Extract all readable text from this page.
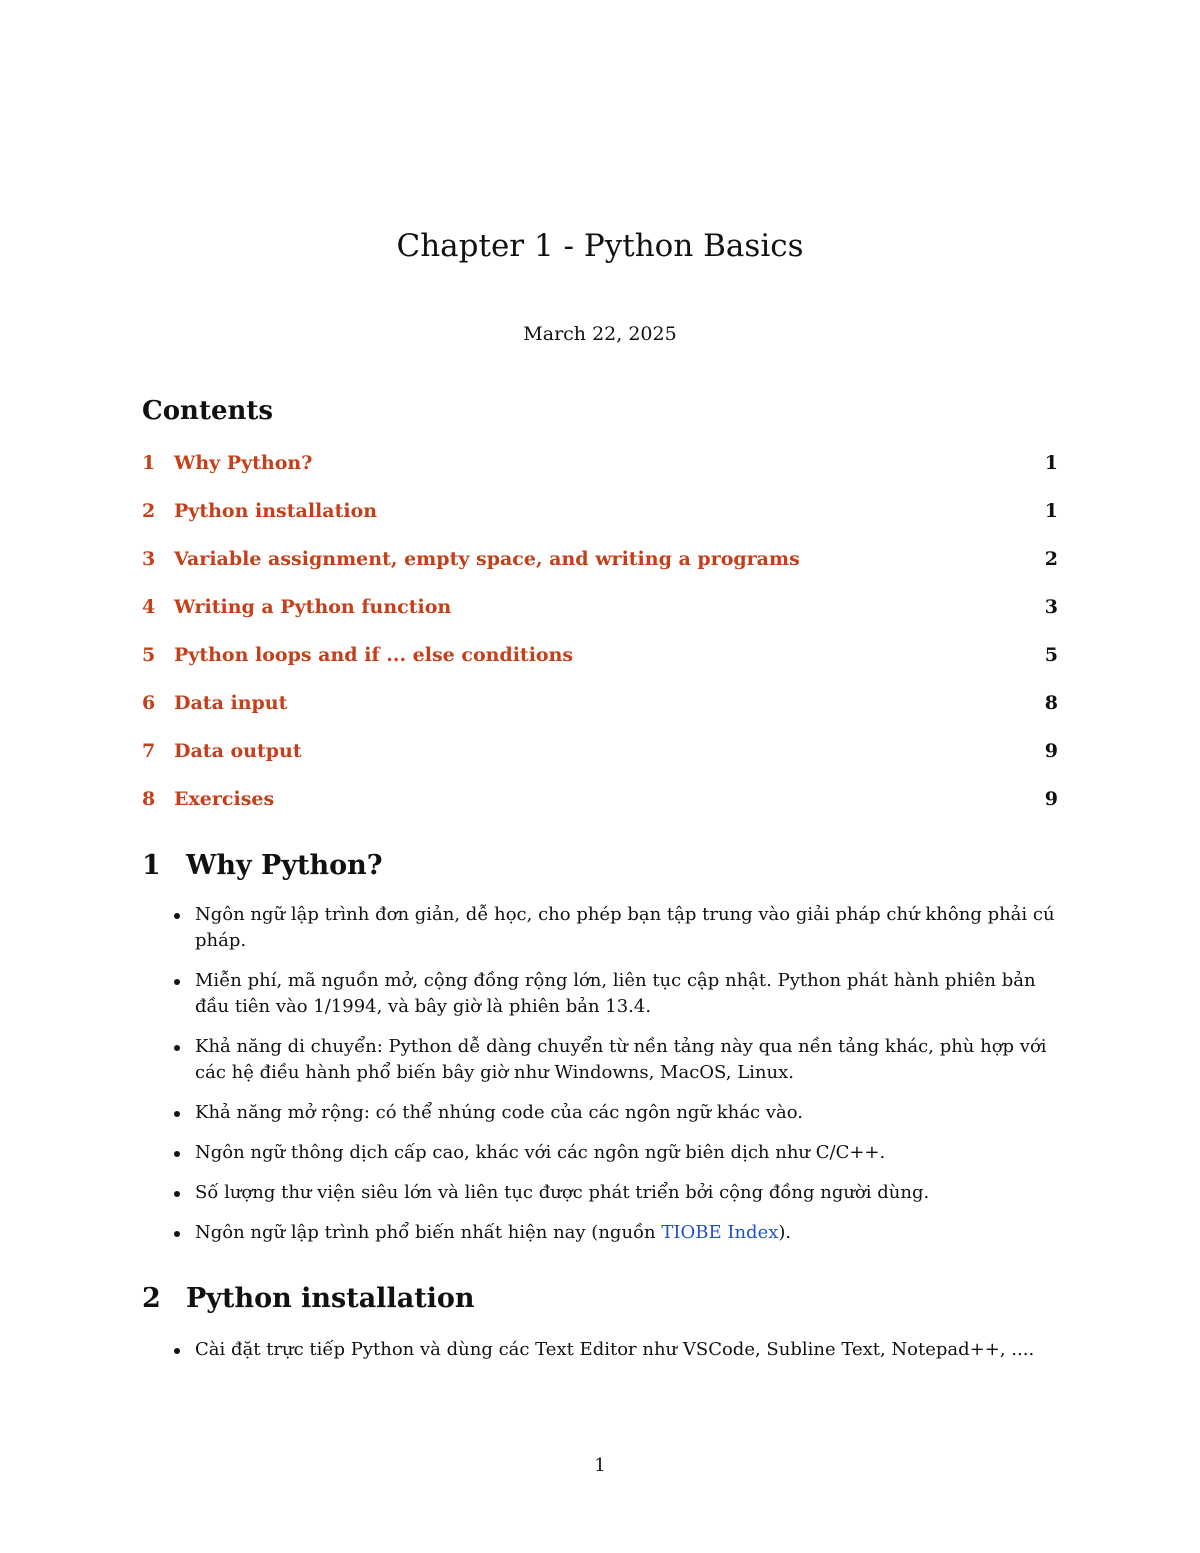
Chapter 1 - Python Basics
March 22, 2025
Contents
1 Why Python?	1
2 Python installation	1
3 Variable assignment, empty space, and writing a programs	2
4 Writing a Python function	3
5 Python loops and if ... else conditions	5
6 Data input	8
7 Data output	9
8 Exercises	9
1 Why Python?
Ngôn ngữ lập trình đơn giản, dễ học, cho phép bạn tập trung vào giải pháp chứ không phải cú pháp.
Miễn phí, mã nguồn mở, cộng đồng rộng lớn, liên tục cập nhật. Python phát hành phiên bản đầu tiên vào 1/1994, và bây giờ là phiên bản 13.4.
Khả năng di chuyển: Python dễ dàng chuyển từ nền tảng này qua nền tảng khác, phù hợp với các hệ điều hành phổ biến bây giờ như Windowns, MacOS, Linux.
Khả năng mở rộng: có thể nhúng code của các ngôn ngữ khác vào.
Ngôn ngữ thông dịch cấp cao, khác với các ngôn ngữ biên dịch như C/C++.
Số lượng thư viện siêu lớn và liên tục được phát triển bởi cộng đồng người dùng.
Ngôn ngữ lập trình phổ biến nhất hiện nay (nguồn TIOBE Index).
2 Python installation
Cài đặt trực tiếp Python và dùng các Text Editor như VSCode, Subline Text, Notepad++, ....
1
